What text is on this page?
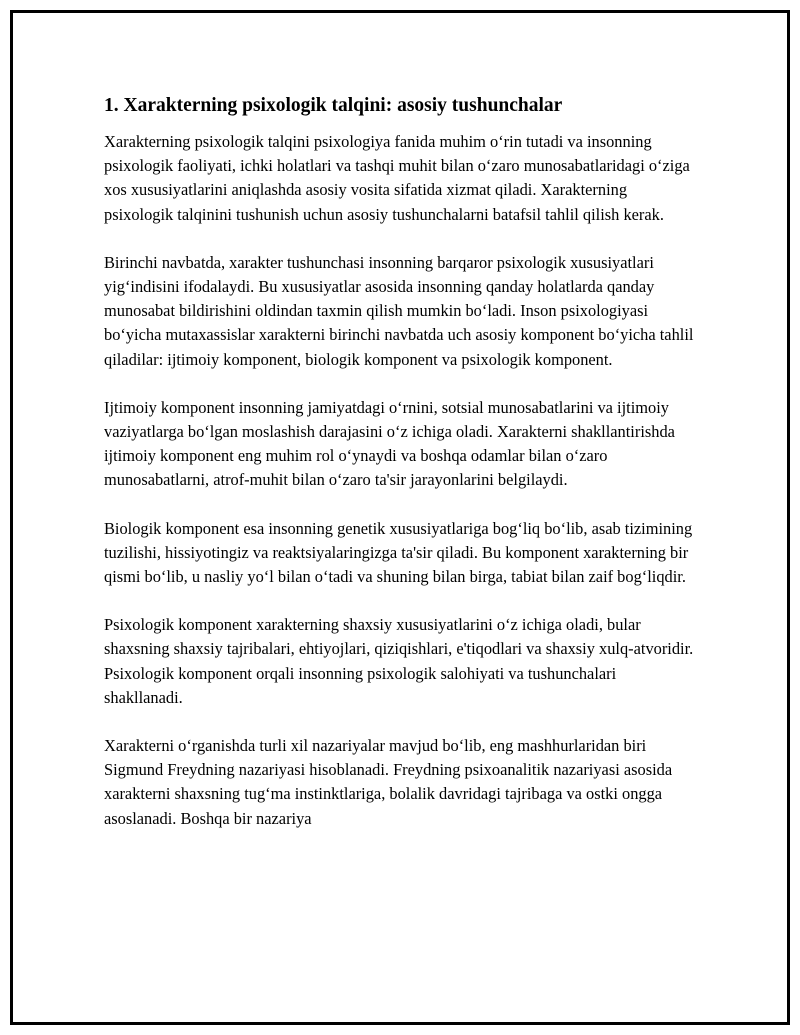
1. Xarakterning psixologik talqini: asosiy tushunchalar

Xarakterning psixologik talqini psixologiya fanida muhim o‘rin tutadi va insonning psixologik faoliyati, ichki holatlari va tashqi muhit bilan o‘zaro munosabatlaridagi o‘ziga xos xususiyatlarini aniqlashda asosiy vosita sifatida xizmat qiladi. Xarakterning psixologik talqinini tushunish uchun asosiy tushunchalarni batafsil tahlil qilish kerak.

Birinchi navbatda, xarakter tushunchasi insonning barqaror psixologik xususiyatlari yig‘indisini ifodalaydi. Bu xususiyatlar asosida insonning qanday holatlarda qanday munosabat bildirishini oldindan taxmin qilish mumkin bo‘ladi. Inson psixologiyasi bo‘yicha mutaxassislar xarakterni birinchi navbatda uch asosiy komponent bo‘yicha tahlil qiladilar: ijtimoiy komponent, biologik komponent va psixologik komponent.

Ijtimoiy komponent insonning jamiyatdagi o‘rnini, sotsial munosabatlarini va ijtimoiy vaziyatlarga bo‘lgan moslashish darajasini o‘z ichiga oladi. Xarakterni shakllantirishda ijtimoiy komponent eng muhim rol o‘ynaydi va boshqa odamlar bilan o‘zaro munosabatlarni, atrof-muhit bilan o‘zaro ta'sir jarayonlarini belgilaydi.

Biologik komponent esa insonning genetik xususiyatlariga bog‘liq bo‘lib, asab tizimining tuzilishi, hissiyotingiz va reaktsiyalaringizga ta'sir qiladi. Bu komponent xarakterning bir qismi bo‘lib, u nasliy yo‘l bilan o‘tadi va shuning bilan birga, tabiat bilan zaif bog‘liqdir.

Psixologik komponent xarakterning shaxsiy xususiyatlarini o‘z ichiga oladi, bular shaxsning shaxsiy tajribalari, ehtiyojlari, qiziqishlari, e'tiqodlari va shaxsiy xulq-atvoridir. Psixologik komponent orqali insonning psixologik salohiyati va tushunchalari shakllanadi.

Xarakterni o‘rganishda turli xil nazariyalar mavjud bo‘lib, eng mashhurlaridan biri Sigmund Freydning nazariyasi hisoblanadi. Freydning psixoanalitik nazariyasi asosida xarakterni shaxsning tug‘ma instinktlariga, bolalik davridagi tajribaga va ostki ongga asoslanadi. Boshqa bir nazariya
